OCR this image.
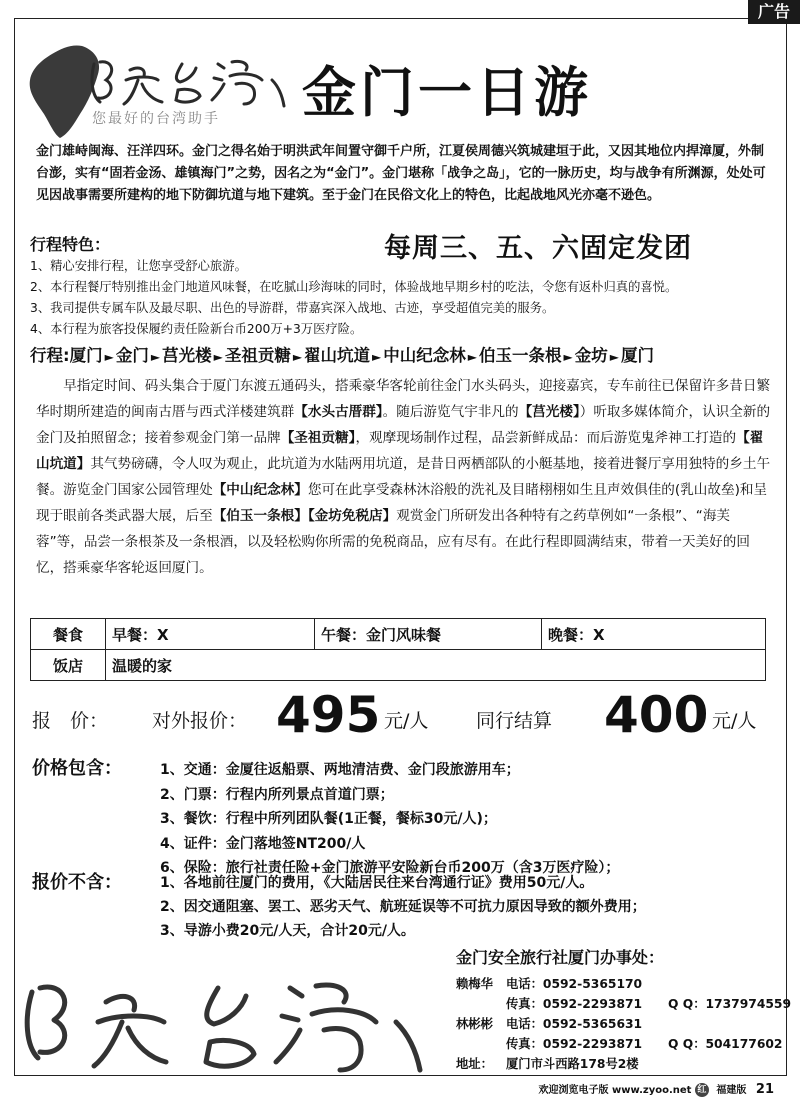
广告
您最好的台湾助手 金门一日游

金门雄峙闽海、汪洋四环。金门之得名始于明洪武年间置守御千户所，江夏侯周德兴筑城建垣于此，又因其地位内捍漳厦，外制台澎，实有“固若金汤、雄镇海门”之势，因名之为“金门”。金门堪称「战争之岛」，它的一脉历史，均与战争有所渊源，处处可见因战事需要所建构的地下防御坑道与地下建筑。至于金门在民俗文化上的特色，比起战地风光亦毫不逊色。

行程特色：	每周三、五、六固定发团
1、精心安排行程，让您享受舒心旅游。
2、本行程餐厅特别推出金门地道风味餐，在吃腻山珍海味的同时，体验战地早期乡村的吃法，令您有返朴归真的喜悦。
3、我司提供专属车队及最尽职、出色的导游群，带嘉宾深入战地、古迹，享受超值完美的服务。
4、本行程为旅客投保履约责任险新台币200万+3万医疗险。
行程:厦门 ► 金门 ► 莒光楼 ► 圣祖贡糖 ► 翟山坑道 ► 中山纪念林 ► 伯玉一条根 ► 金坊 ► 厦门

早指定时间、码头集合于厦门东渡五通码头，搭乘豪华客轮前往金门水头码头，迎接嘉宾，专车前往已保留许多昔日繁华时期所建造的闽南古厝与西式洋楼建筑群【水头古厝群】。随后游览气宇非凡的【莒光楼】）听取多媒体简介，认识全新的金门及拍照留念；接着参观金门第一品牌【圣祖贡糖】，观摩现场制作过程，品尝新鲜成品：而后游览鬼斧神工打造的【翟山坑道】其气势磅礴，令人叹为观止，此坑道为水陆两用坑道，是昔日两栖部队的小艇基地，接着进餐厅享用独特的乡土午餐。游览金门国家公园管理处【中山纪念林】您可在此享受森林沐浴般的洗礼及目睹栩栩如生且声效俱佳的(乳山故垒)和呈现于眼前各类武器大展，后至【伯玉一条根】【金坊免税店】观赏金门所研发出各种特有之药草例如“一条根”、“海芙蓉”等，品尝一条根茶及一条根酒，以及轻松购你所需的免税商品，应有尽有。在此行程即圆满结束，带着一天美好的回忆，搭乘豪华客轮返回厦门。

餐食	早餐：X	午餐：金门风味餐	晚餐：X
饭店	温暖的家		
报　价： 对外报价： 495 元/人	同行结算 400 元/人
价格包含：	1、交通：金厦往返船票、两地清洁费、金门段旅游用车；
2、门票：行程内所列景点首道门票；
3、餐饮：行程中所列团队餐(1正餐，餐标30元/人)；
4、证件：金门落地签NT200/人
6、保险：旅行社责任险+金门旅游平安险新台币200万（含3万医疗险）；
报价不含：	1、各地前往厦门的费用，《大陆居民往来台湾通行证》费用50元/人。
2、因交通阻塞、罢工、恶劣天气、航班延误等不可抗力原因导致的额外费用；
3、导游小费20元/人天，合计20元/人。
金门安全旅行社厦门办事处：
赖梅华 电话：0592-5365170
传真：0592-2293871 Q Q：1737974559
林彬彬 电话：0592-5365631
传真：0592-2293871 Q Q：504177602
地址： 厦门市斗西路178号2楼
欢迎浏览电子版 www.zyoo.net 红 福建版 21
